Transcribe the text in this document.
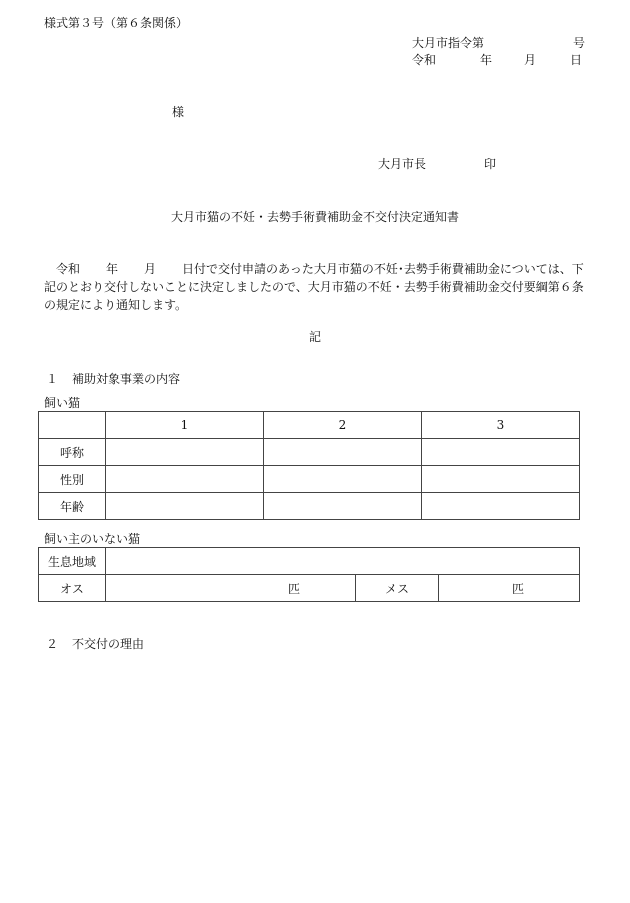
様式第３号（第６条関係）
大月市指令第	号
令和	年	月	日
様
大月市長	印
大月市猫の不妊・去勢手術費補助金不交付決定通知書
令和 年 月 日付で交付申請のあった大月市猫の不妊･去勢手術費補助金については、下記のとおり交付しないことに決定しましたので、大月市猫の不妊・去勢手術費補助金交付要綱第６条の規定により通知します。
記
１ 補助対象事業の内容
飼い猫
	1	2	3
呼称			
性別			
年齢			
飼い主のいない猫
生息地域			
オス	匹	メス	匹
２ 不交付の理由
